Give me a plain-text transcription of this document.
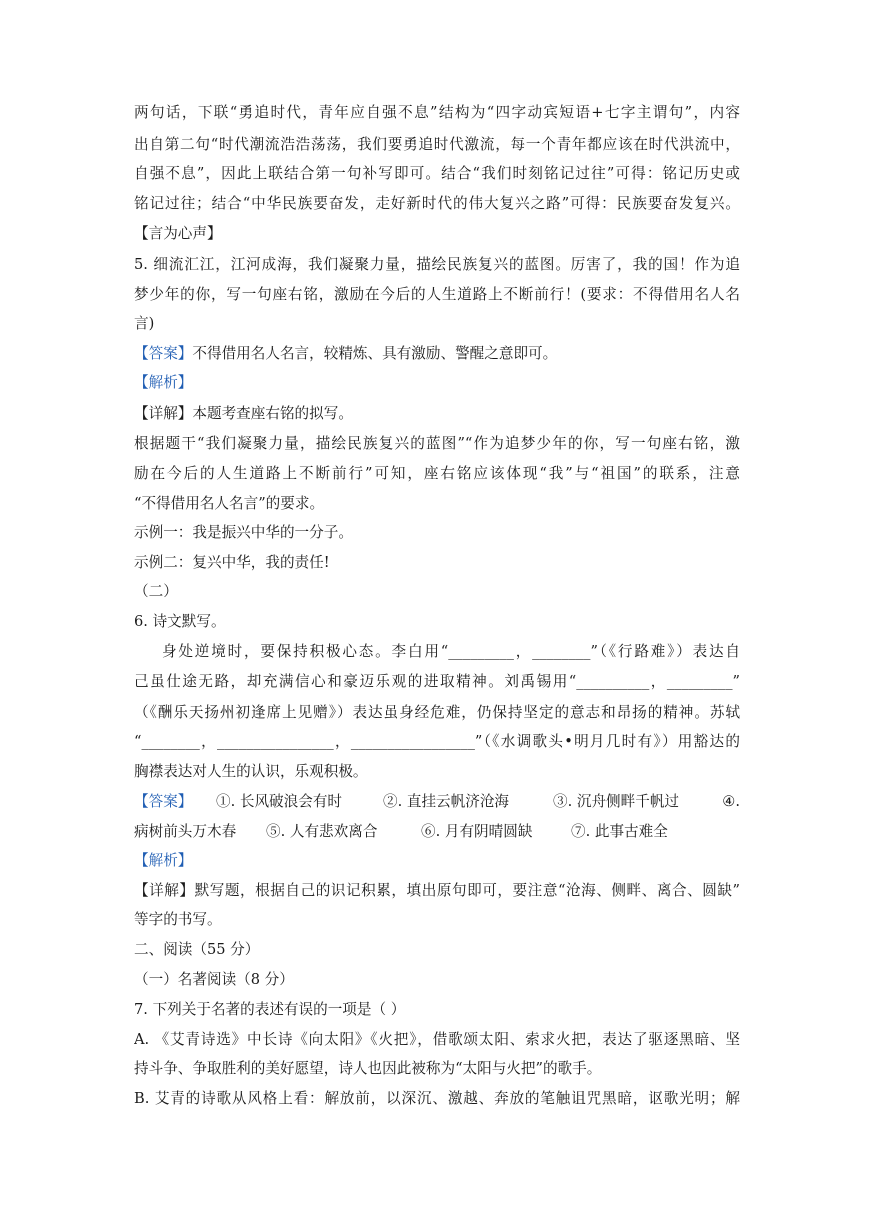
两句话，下联“勇追时代，青年应自强不息”结构为“四字动宾短语+七字主谓句”，内容
出自第二句“时代潮流浩浩荡荡，我们要勇追时代激流，每一个青年都应该在时代洪流中，
自强不息”，因此上联结合第一句补写即可。结合“我们时刻铭记过往”可得：铭记历史或
铭记过往；结合“中华民族要奋发，走好新时代的伟大复兴之路”可得：民族要奋发复兴。
【言为心声】
5. 细流汇江，江河成海，我们凝聚力量，描绘民族复兴的蓝图。厉害了，我的国！作为追
梦少年的你，写一句座右铭，激励在今后的人生道路上不断前行！(要求：不得借用名人名
言)
【答案】不得借用名人名言，较精炼、具有激励、警醒之意即可。
【解析】
【详解】本题考查座右铭的拟写。
根据题干“我们凝聚力量，描绘民族复兴的蓝图”“作为追梦少年的你，写一句座右铭，激
励在今后的人生道路上不断前行”可知，座右铭应该体现“我”与“祖国”的联系，注意
“不得借用名人名言”的要求。
示例一：我是振兴中华的一分子。
示例二：复兴中华，我的责任!
（二）
6. 诗文默写。
身处逆境时，要保持积极心态。李白用“_________，________”（《行路难》）表达自
己虽仕途无路，却充满信心和豪迈乐观的进取精神。刘禹锡用“__________，_________”
（《酬乐天扬州初逢席上见赠》）表达虽身经危难，仍保持坚定的意志和昂扬的精神。苏轼
“________，________________，_________________”（《水调歌头•明月几时有》）用豁达的
胸襟表达对人生的认识，乐观积极。
【答案】 ①. 长风破浪会有时	②. 直挂云帆济沧海	③. 沉舟侧畔千帆过	④.
病树前头万木春 ⑤. 人有悲欢离合	⑥. 月有阴晴圆缺	⑦. 此事古难全
【解析】
【详解】默写题，根据自己的识记积累，填出原句即可，要注意“沧海、侧畔、离合、圆缺”
等字的书写。
二、阅读（55 分）
（一）名著阅读（8 分）
7. 下列关于名著的表述有误的一项是（ ）
A. 《艾青诗选》中长诗《向太阳》《火把》，借歌颂太阳、索求火把，表达了驱逐黑暗、坚
持斗争、争取胜利的美好愿望，诗人也因此被称为“太阳与火把”的歌手。
B. 艾青的诗歌从风格上看：解放前，以深沉、激越、奔放的笔触诅咒黑暗，讴歌光明；解
